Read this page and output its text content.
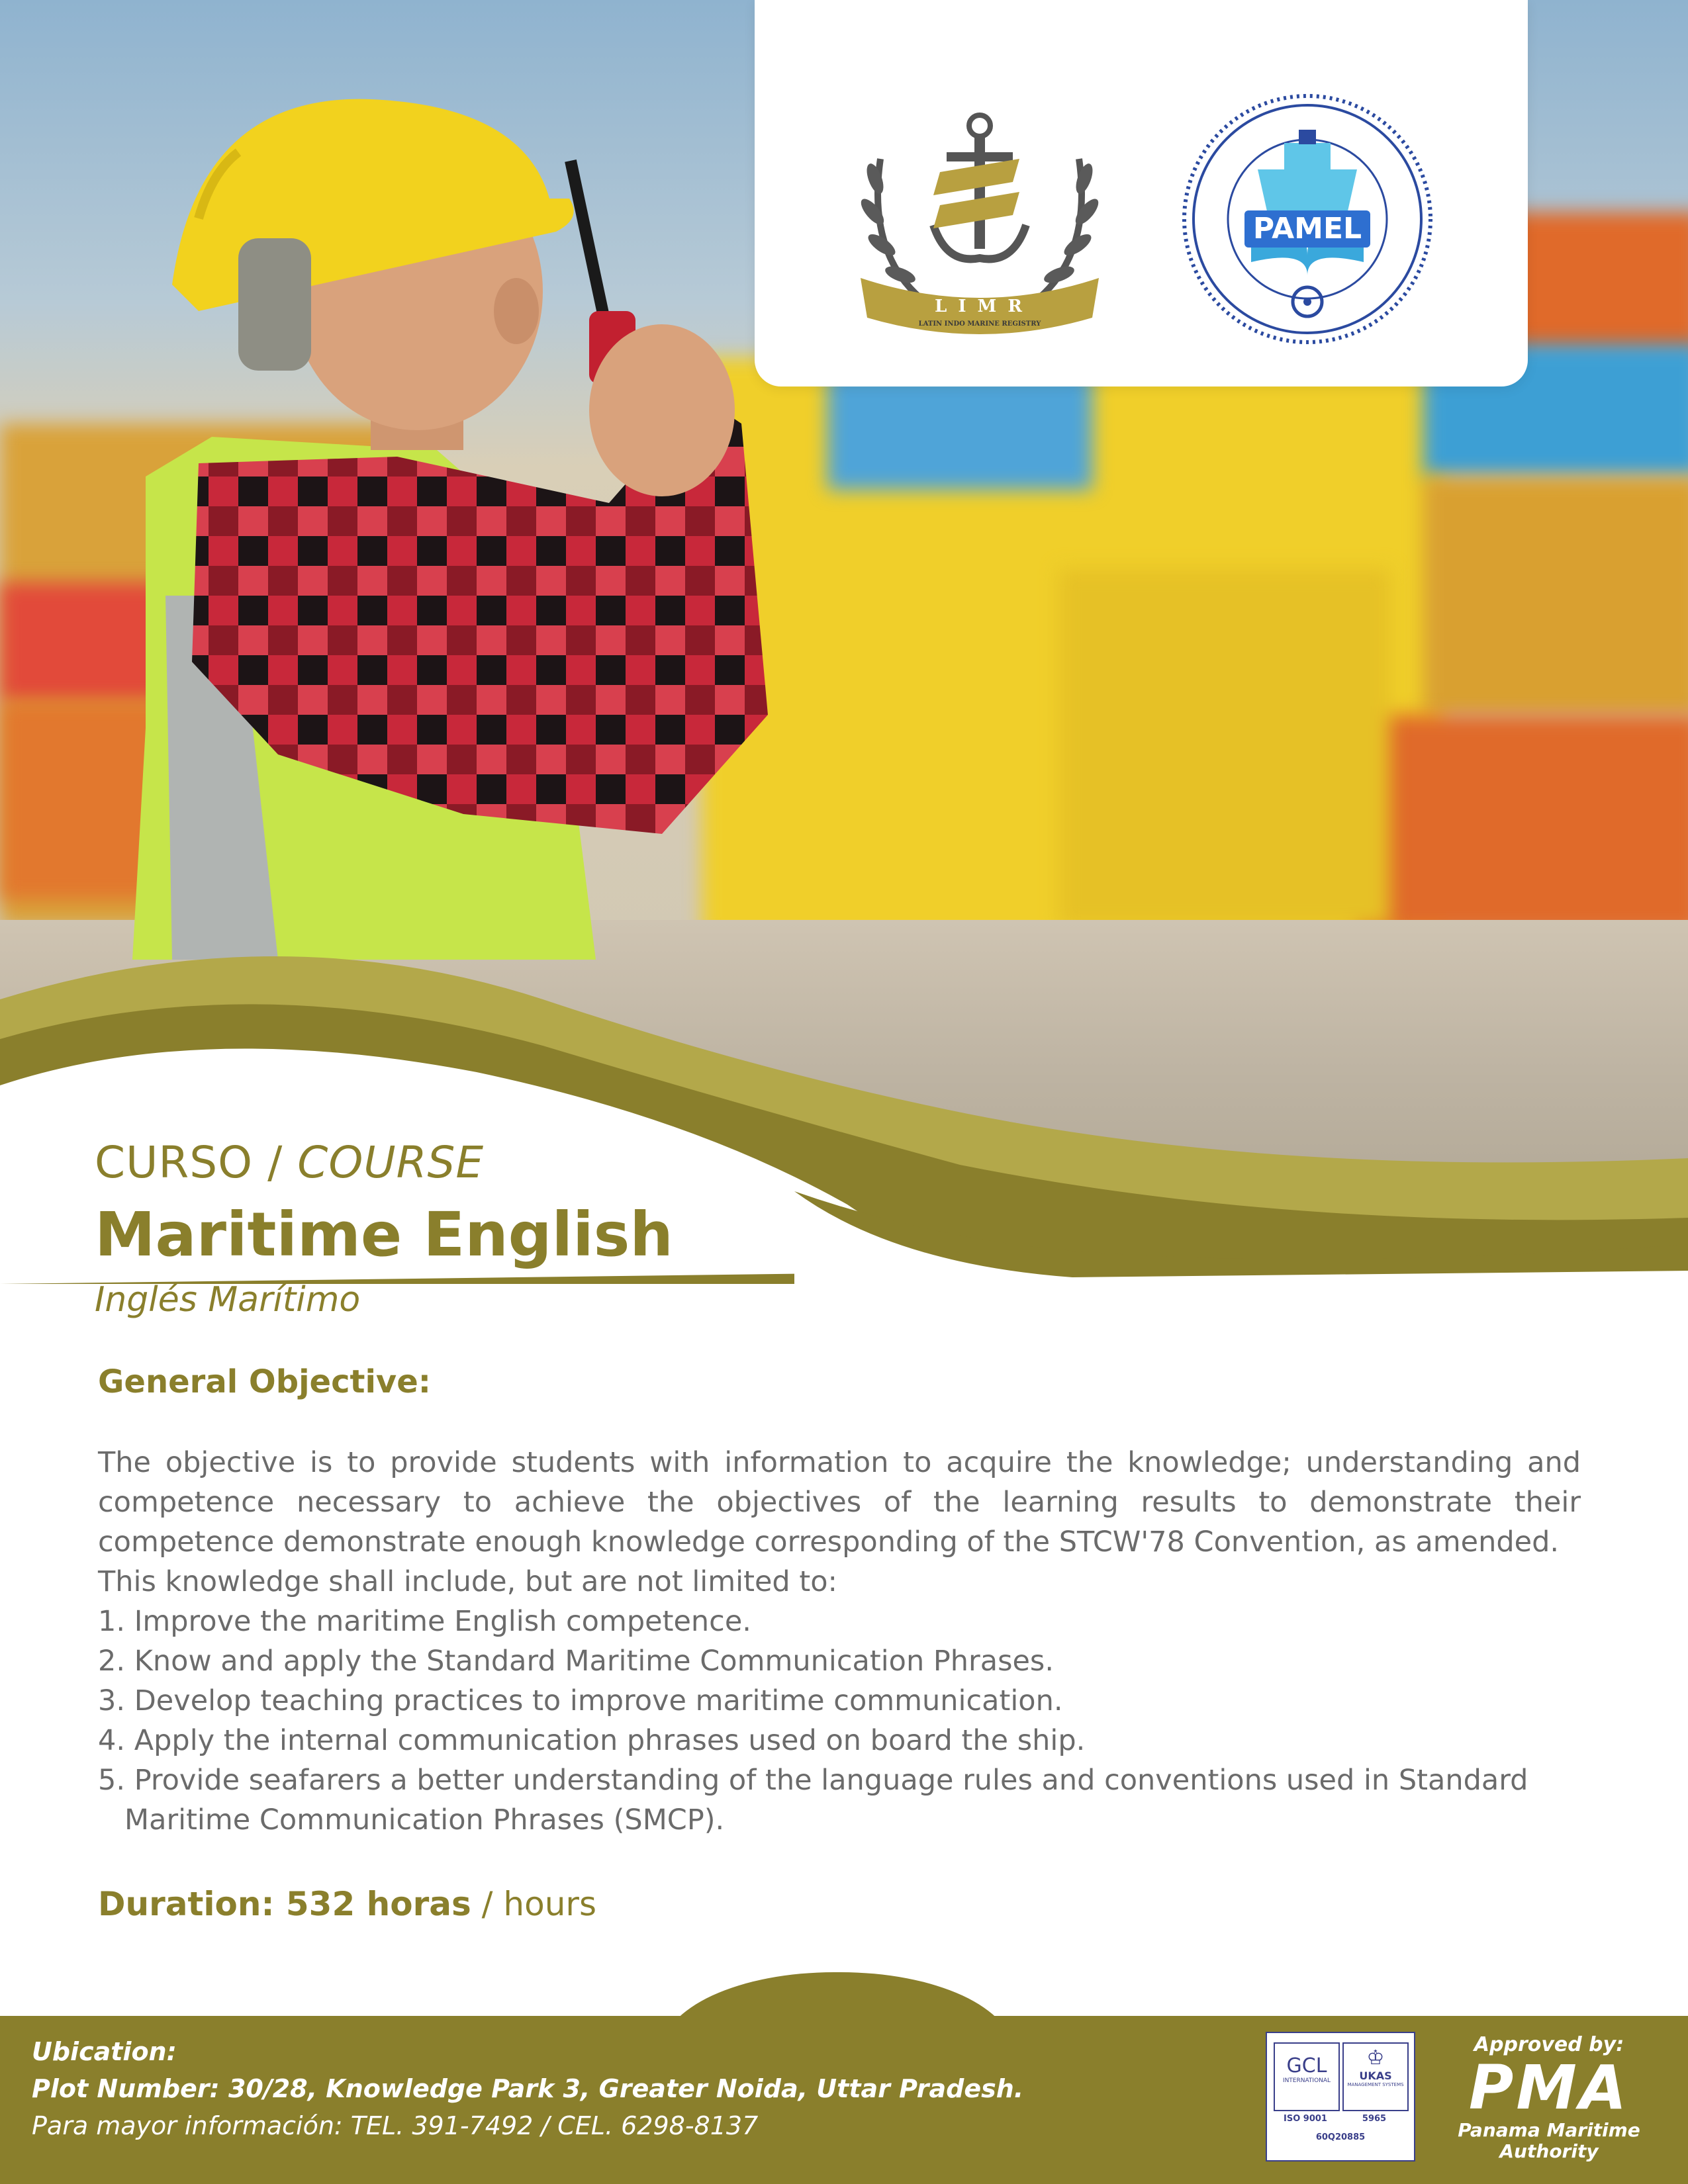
L I M R
LATIN INDO MARINE REGISTRY
PAMEL
CURSO / COURSE
Maritime English
Inglés Marítimo
General Objective:
The objective is to provide students with information to acquire the knowledge; understanding and competence necessary to achieve the objectives of the learning results to demonstrate their competence demonstrate enough knowledge corresponding of the STCW'78 Convention, as amended.
This knowledge shall include, but are not limited to:
1. Improve the maritime English competence.
2. Know and apply the Standard Maritime Communication Phrases.
3. Develop teaching practices to improve maritime communication.
4. Apply the internal communication phrases used on board the ship.
5. Provide seafarers a better understanding of the language rules and conventions used in Standard
Maritime Communication Phrases (SMCP).
Duration: 532 horas / hours
Ubication:
Plot Number: 30/28, Knowledge Park 3, Greater Noida, Uttar Pradesh.
Para mayor información: TEL. 391-7492 / CEL. 6298-8137
GCL
INTERNATIONAL
♔
UKAS
MANAGEMENT SYSTEMS
ISO 9001	5965
60Q20885
Approved by:
PMA
Panama Maritime
Authority
